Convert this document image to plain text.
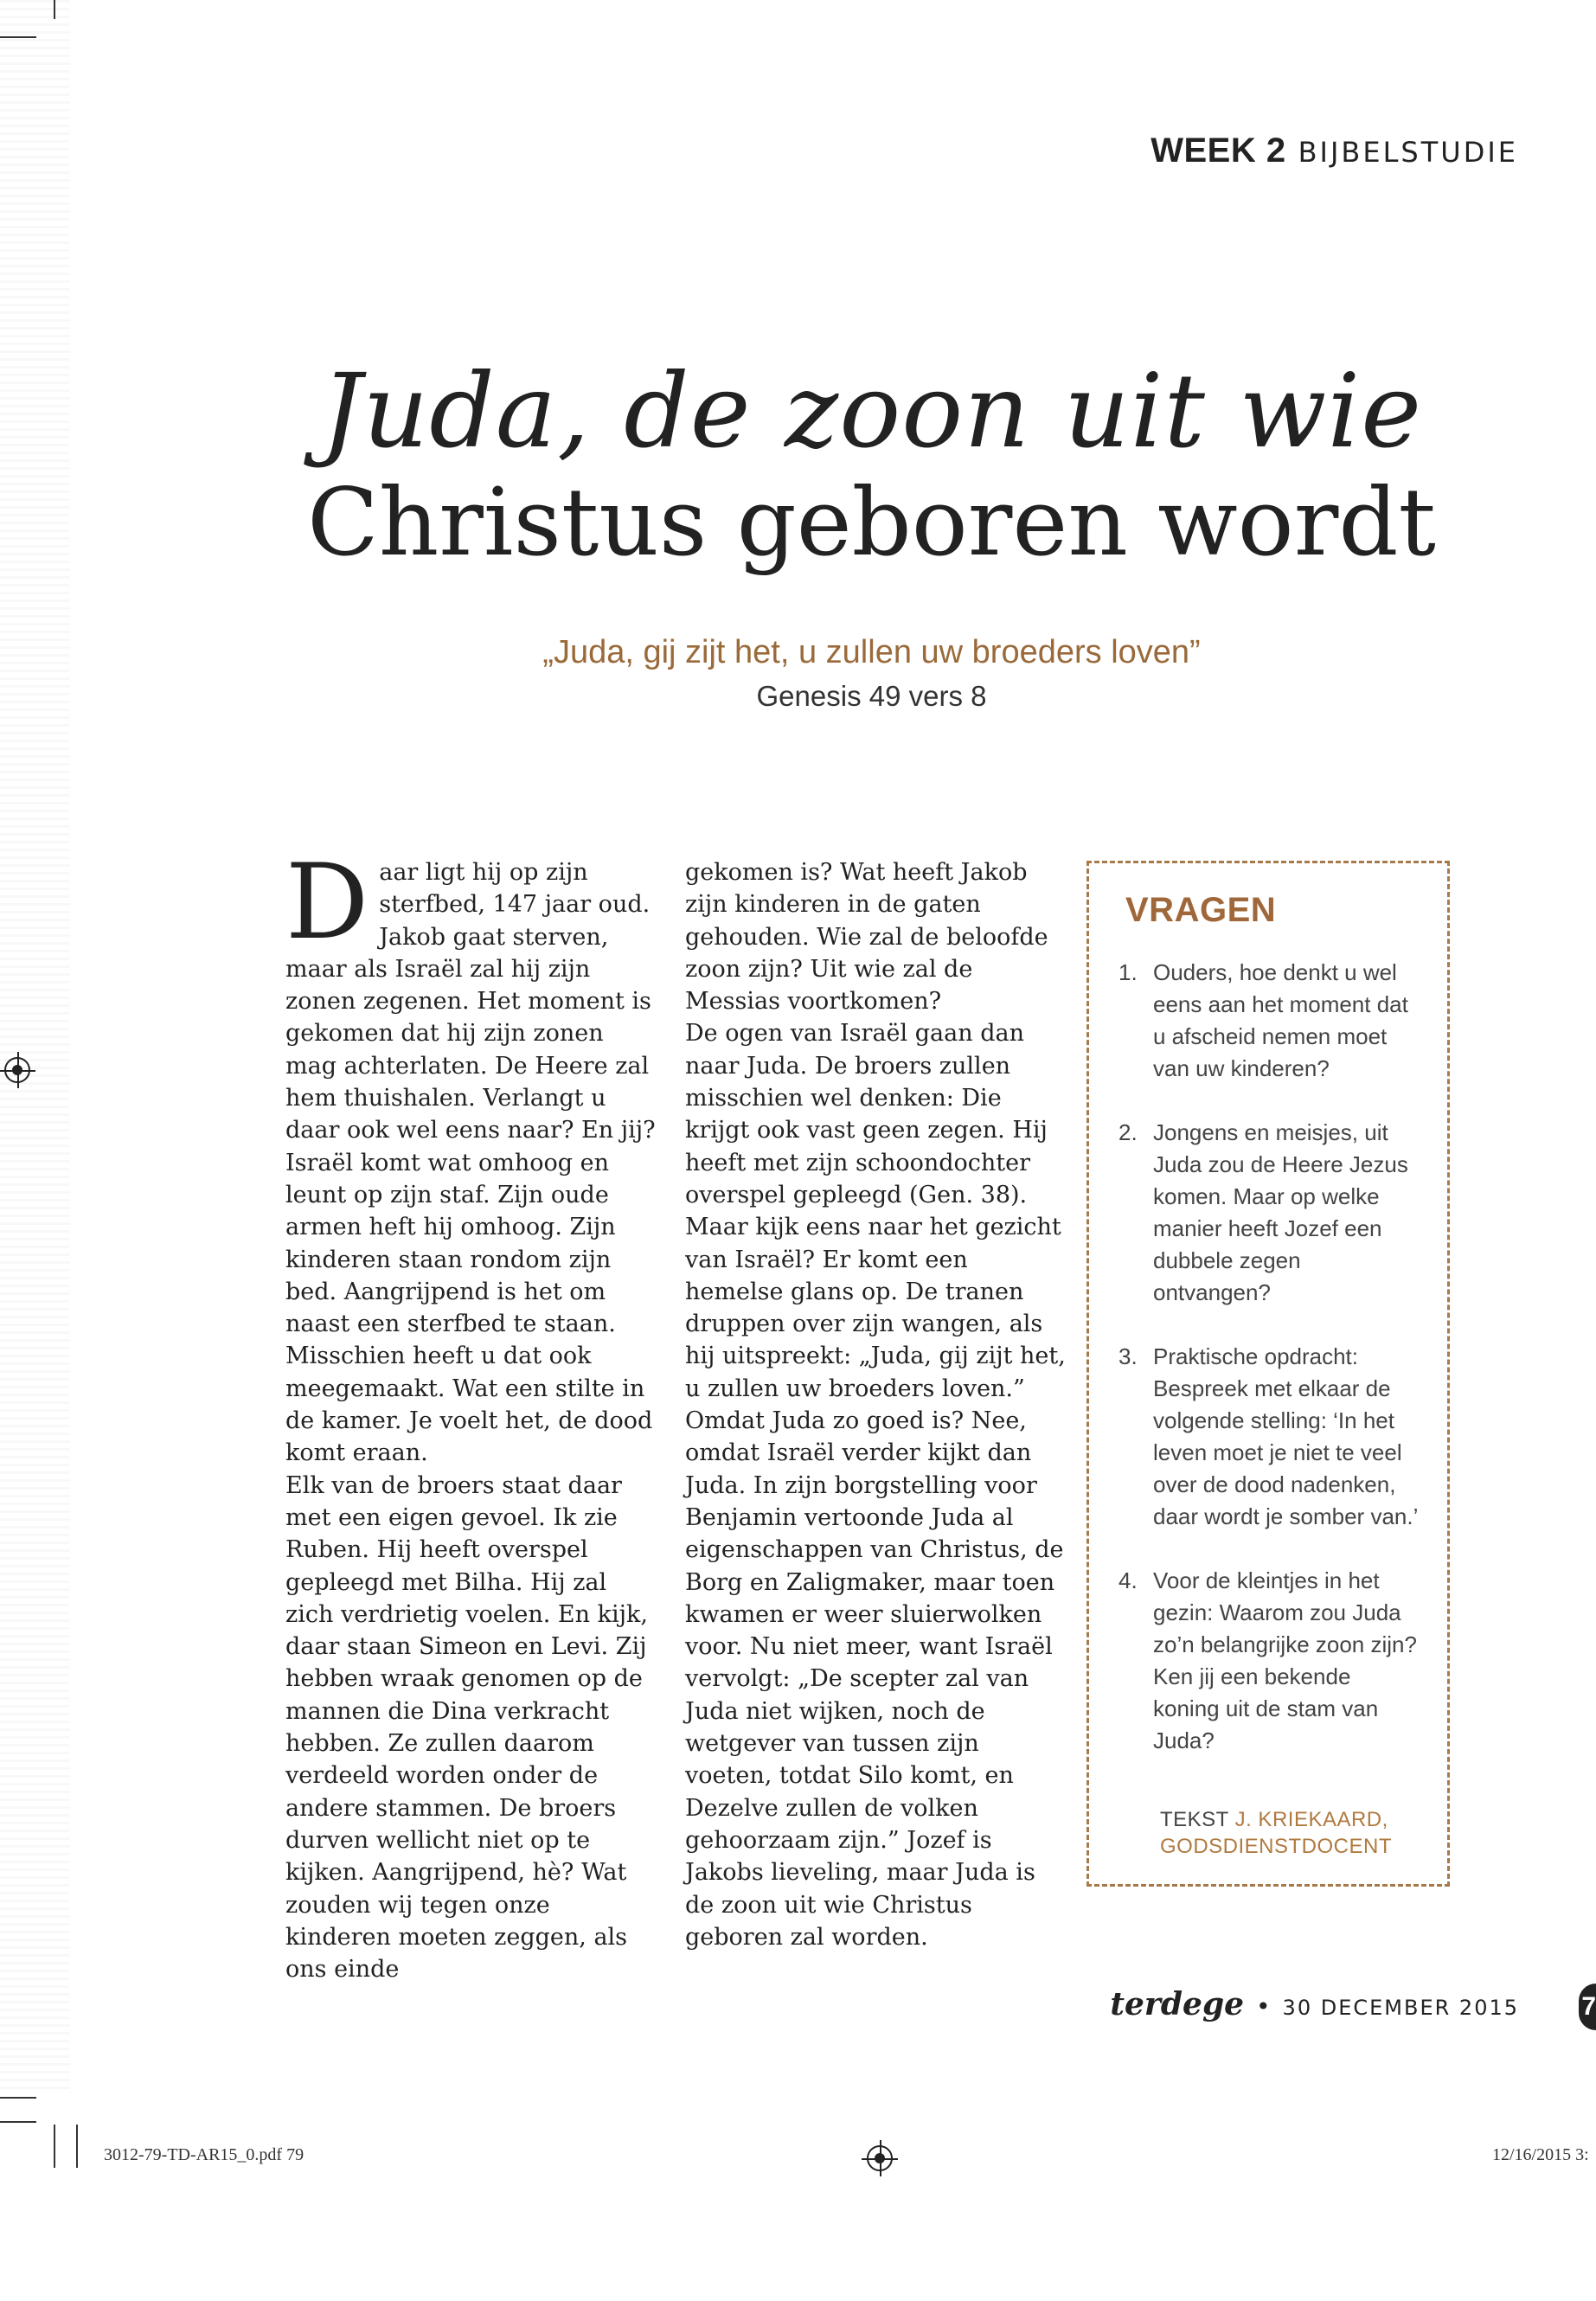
WEEK 2 BIJBELSTUDIE
Juda, de zoon uit wie
Christus geboren wordt
„Juda, gij zijt het, u zullen uw broeders loven”
Genesis 49 vers 8

Daar ligt hij op zijn sterfbed, 147 jaar oud. Jakob gaat sterven, maar als Israël zal hij zijn zonen zegenen. Het moment is gekomen dat hij zijn zonen mag achterlaten. De Heere zal hem thuishalen. Verlangt u daar ook wel eens naar? En jij?

Israël komt wat omhoog en leunt op zijn staf. Zijn oude armen heft hij omhoog. Zijn kinderen staan rondom zijn bed. Aangrijpend is het om naast een sterfbed te staan. Misschien heeft u dat ook meegemaakt. Wat een stilte in de kamer. Je voelt het, de dood komt eraan.

Elk van de broers staat daar met een eigen gevoel. Ik zie Ruben. Hij heeft overspel gepleegd met Bilha. Hij zal zich verdrietig voelen. En kijk, daar staan Simeon en Levi. Zij hebben wraak genomen op de mannen die Dina verkracht hebben. Ze zullen daarom verdeeld worden onder de andere stammen. De broers durven wellicht niet op te kijken. Aangrijpend, hè? Wat zouden wij tegen onze kinderen moeten zeggen, als ons einde

gekomen is? Wat heeft Jakob zijn kinderen in de gaten gehouden. Wie zal de beloofde zoon zijn? Uit wie zal de Messias voortkomen?

De ogen van Israël gaan dan naar Juda. De broers zullen misschien wel denken: Die krijgt ook vast geen zegen. Hij heeft met zijn schoondochter overspel gepleegd (Gen. 38). Maar kijk eens naar het gezicht van Israël? Er komt een hemelse glans op. De tranen druppen over zijn wangen, als hij uitspreekt: „Juda, gij zijt het, u zullen uw broeders loven.” Omdat Juda zo goed is? Nee, omdat Israël verder kijkt dan Juda. In zijn borgstelling voor Benjamin vertoonde Juda al eigenschappen van Christus, de Borg en Zaligmaker, maar toen kwamen er weer sluierwolken voor. Nu niet meer, want Israël vervolgt: „De scepter zal van Juda niet wijken, noch de wetgever van tussen zijn voeten, totdat Silo komt, en Dezelve zullen de volken gehoorzaam zijn.” Jozef is Jakobs lieveling, maar Juda is de zoon uit wie Christus geboren zal worden.

VRAGEN
1. Ouders, hoe denkt u wel eens aan het moment dat u afscheid nemen moet van uw kinderen?
2. Jongens en meisjes, uit Juda zou de Heere Jezus komen. Maar op welke manier heeft Jozef een dubbele zegen ontvangen?
3. Praktische opdracht: Bespreek met elkaar de volgende stelling: ‘In het leven moet je niet te veel over de dood nadenken, daar wordt je somber van.’
4. Voor de kleintjes in het gezin: Waarom zou Juda zo’n belangrijke zoon zijn? Ken jij een bekende koning uit de stam van Juda?
TEKST J. KRIEKAARD,
GODSDIENSTDOCENT
terdege • 30 DECEMBER 2015 7
3012-79-TD-AR15_0.pdf 79	12/16/2015 3:
